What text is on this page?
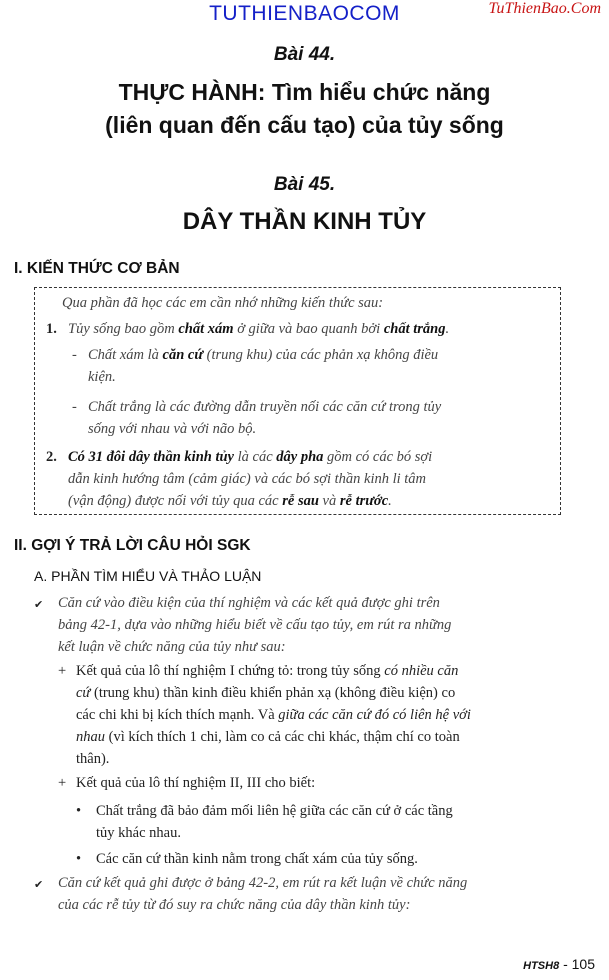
TUTHIENBAOCOM	TuThienBao.Com
Bài 44.
THỰC HÀNH: Tìm hiểu chức năng
(liên quan đến cấu tạo) của tủy sống
Bài 45.
DÂY THẦN KINH TỦY
I. KIẾN THỨC CƠ BẢN
Qua phần đã học các em cần nhớ những kiến thức sau:
1. Tủy sống bao gồm chất xám ở giữa và bao quanh bởi chất trắng.
- Chất xám là căn cứ (trung khu) của các phản xạ không điều
kiện.
- Chất trắng là các đường dẫn truyền nối các căn cứ trong tủy
sống với nhau và với não bộ.
2. Có 31 đôi dây thần kinh tủy là các dây pha gồm có các bó sợi
dẫn kinh hướng tâm (cảm giác) và các bó sợi thần kinh li tâm
(vận động) được nối với tủy qua các rễ sau và rễ trước.
II. GỢI Ý TRẢ LỜI CÂU HỎI SGK
A. PHẦN TÌM HIỂU VÀ THẢO LUẬN
✔ Căn cứ vào điều kiện của thí nghiệm và các kết quả được ghi trên
bảng 42-1, dựa vào những hiểu biết về cấu tạo tủy, em rút ra những
kết luận về chức năng của tủy như sau:
+ Kết quả của lô thí nghiệm I chứng tỏ: trong tủy sống có nhiều căn
cứ (trung khu) thần kinh điều khiển phản xạ (không điều kiện) co
các chi khi bị kích thích mạnh. Và giữa các căn cứ đó có liên hệ với
nhau (vì kích thích 1 chi, làm co cả các chi khác, thậm chí co toàn
thân).
+ Kết quả của lô thí nghiệm II, III cho biết:
• Chất trắng đã bảo đảm mối liên hệ giữa các căn cứ ở các tầng
tủy khác nhau.
• Các căn cứ thần kinh nằm trong chất xám của tủy sống.
✔ Căn cứ kết quả ghi được ở bảng 42-2, em rút ra kết luận về chức năng
của các rễ tủy từ đó suy ra chức năng của dây thần kinh tủy:
HTSH8 - 105
